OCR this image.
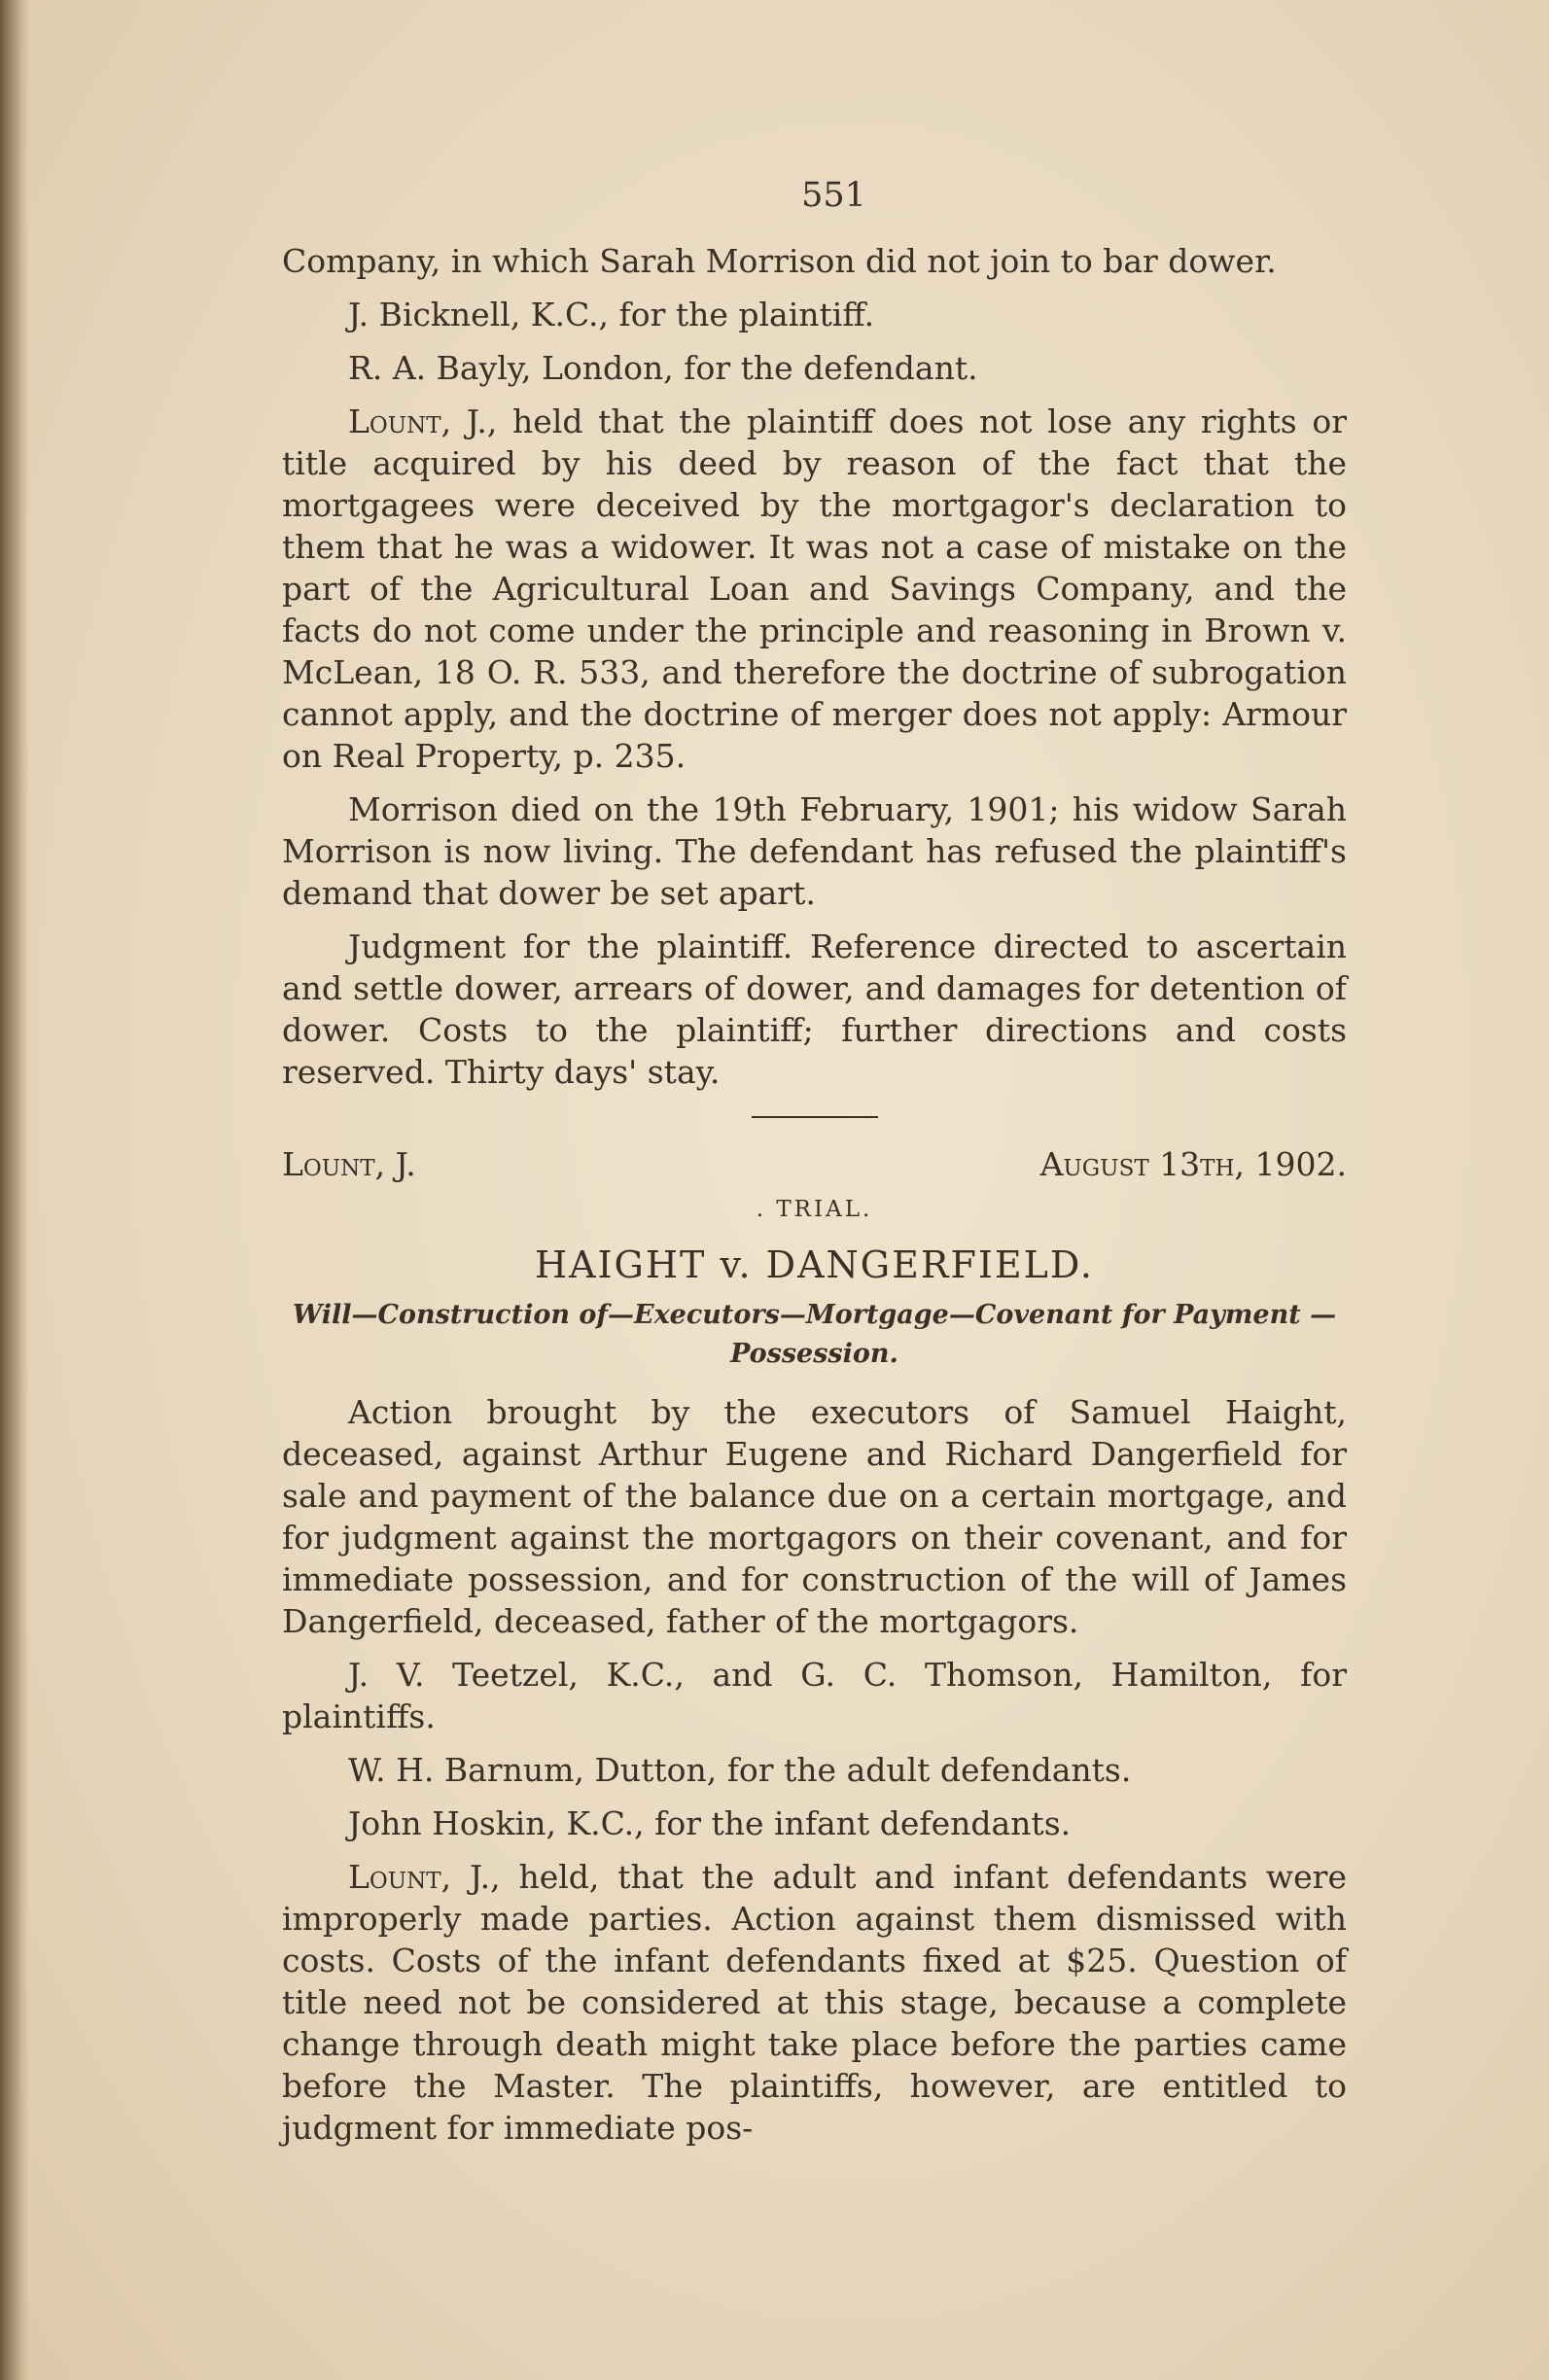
551

Company, in which Sarah Morrison did not join to bar dower.

J. Bicknell, K.C., for the plaintiff.

R. A. Bayly, London, for the defendant.

Lount, J., held that the plaintiff does not lose any rights or title acquired by his deed by reason of the fact that the mortgagees were deceived by the mortgagor's declaration to them that he was a widower. It was not a case of mistake on the part of the Agricultural Loan and Savings Company, and the facts do not come under the principle and reasoning in Brown v. McLean, 18 O. R. 533, and therefore the doctrine of subrogation cannot apply, and the doctrine of merger does not apply: Armour on Real Property, p. 235.

Morrison died on the 19th February, 1901; his widow Sarah Morrison is now living. The defendant has refused the plaintiff's demand that dower be set apart.

Judgment for the plaintiff. Reference directed to ascertain and settle dower, arrears of dower, and damages for detention of dower. Costs to the plaintiff; further directions and costs reserved. Thirty days' stay.

Lount, J.	August 13th, 1902.
. TRIAL.
HAIGHT v. DANGERFIELD.
Will—Construction of—Executors—Mortgage—Covenant for Payment —Possession.

Action brought by the executors of Samuel Haight, deceased, against Arthur Eugene and Richard Dangerfield for sale and payment of the balance due on a certain mortgage, and for judgment against the mortgagors on their covenant, and for immediate possession, and for construction of the will of James Dangerfield, deceased, father of the mortgagors.

J. V. Teetzel, K.C., and G. C. Thomson, Hamilton, for plaintiffs.

W. H. Barnum, Dutton, for the adult defendants.

John Hoskin, K.C., for the infant defendants.

Lount, J., held, that the adult and infant defendants were improperly made parties. Action against them dismissed with costs. Costs of the infant defendants fixed at $25. Question of title need not be considered at this stage, because a complete change through death might take place before the parties came before the Master. The plaintiffs, however, are entitled to judgment for immediate pos-
